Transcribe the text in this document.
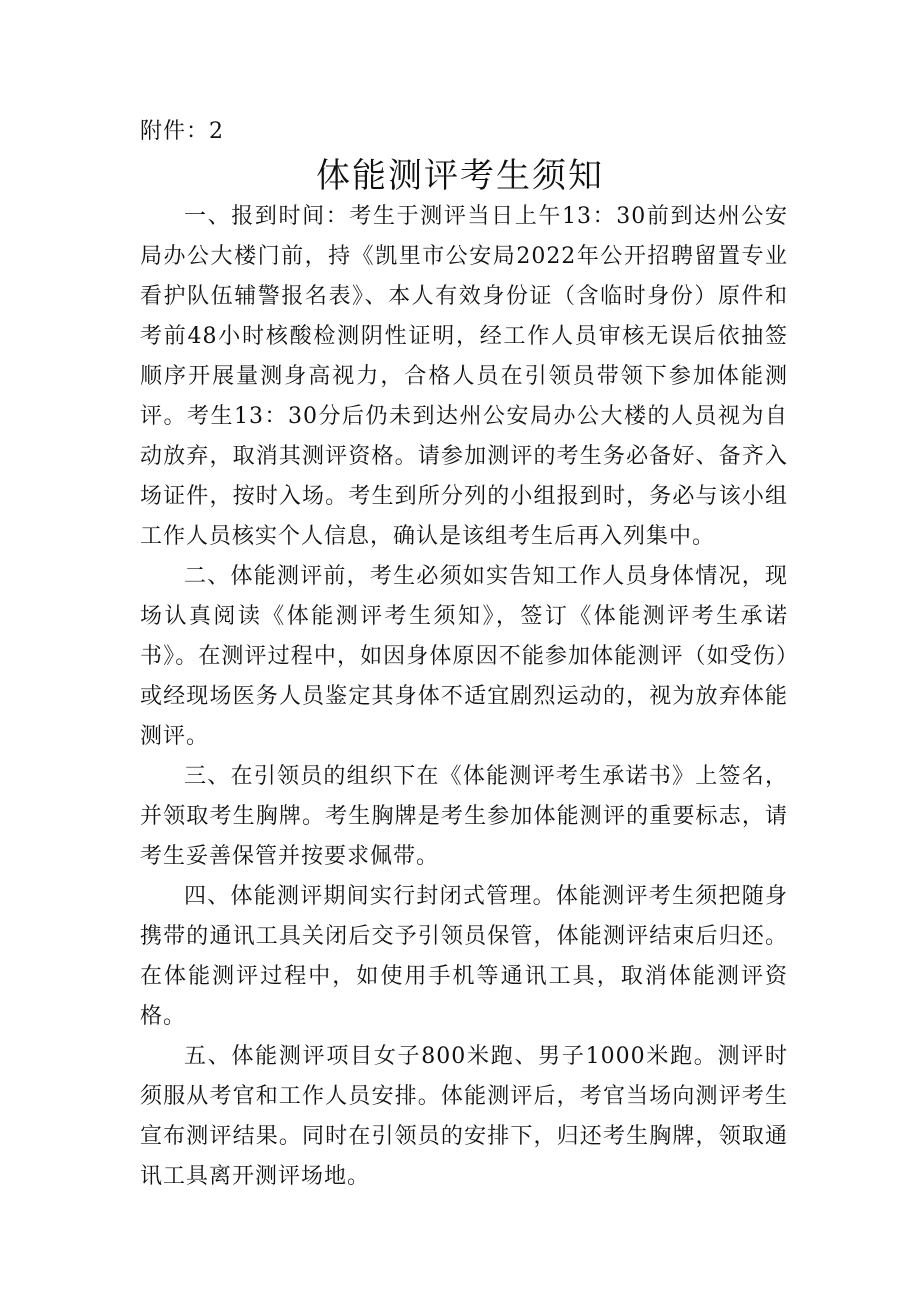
附件：2

体能测评考生须知

一、报到时间：考生于测评当日上午13：30前到达州公安局办公大楼门前，持《凯里市公安局2022年公开招聘留置专业看护队伍辅警报名表》、本人有效身份证（含临时身份）原件和考前48小时核酸检测阴性证明，经工作人员审核无误后依抽签顺序开展量测身高视力，合格人员在引领员带领下参加体能测评。考生13：30分后仍未到达州公安局办公大楼的人员视为自动放弃，取消其测评资格。请参加测评的考生务必备好、备齐入场证件，按时入场。考生到所分列的小组报到时，务必与该小组工作人员核实个人信息，确认是该组考生后再入列集中。

二、体能测评前，考生必须如实告知工作人员身体情况，现场认真阅读《体能测评考生须知》，签订《体能测评考生承诺书》。在测评过程中，如因身体原因不能参加体能测评（如受伤）或经现场医务人员鉴定其身体不适宜剧烈运动的，视为放弃体能测评。

三、在引领员的组织下在《体能测评考生承诺书》上签名，并领取考生胸牌。考生胸牌是考生参加体能测评的重要标志，请考生妥善保管并按要求佩带。

四、体能测评期间实行封闭式管理。体能测评考生须把随身携带的通讯工具关闭后交予引领员保管，体能测评结束后归还。在体能测评过程中，如使用手机等通讯工具，取消体能测评资格。

五、体能测评项目女子800米跑、男子1000米跑。测评时须服从考官和工作人员安排。体能测评后，考官当场向测评考生宣布测评结果。同时在引领员的安排下，归还考生胸牌，领取通讯工具离开测评场地。
